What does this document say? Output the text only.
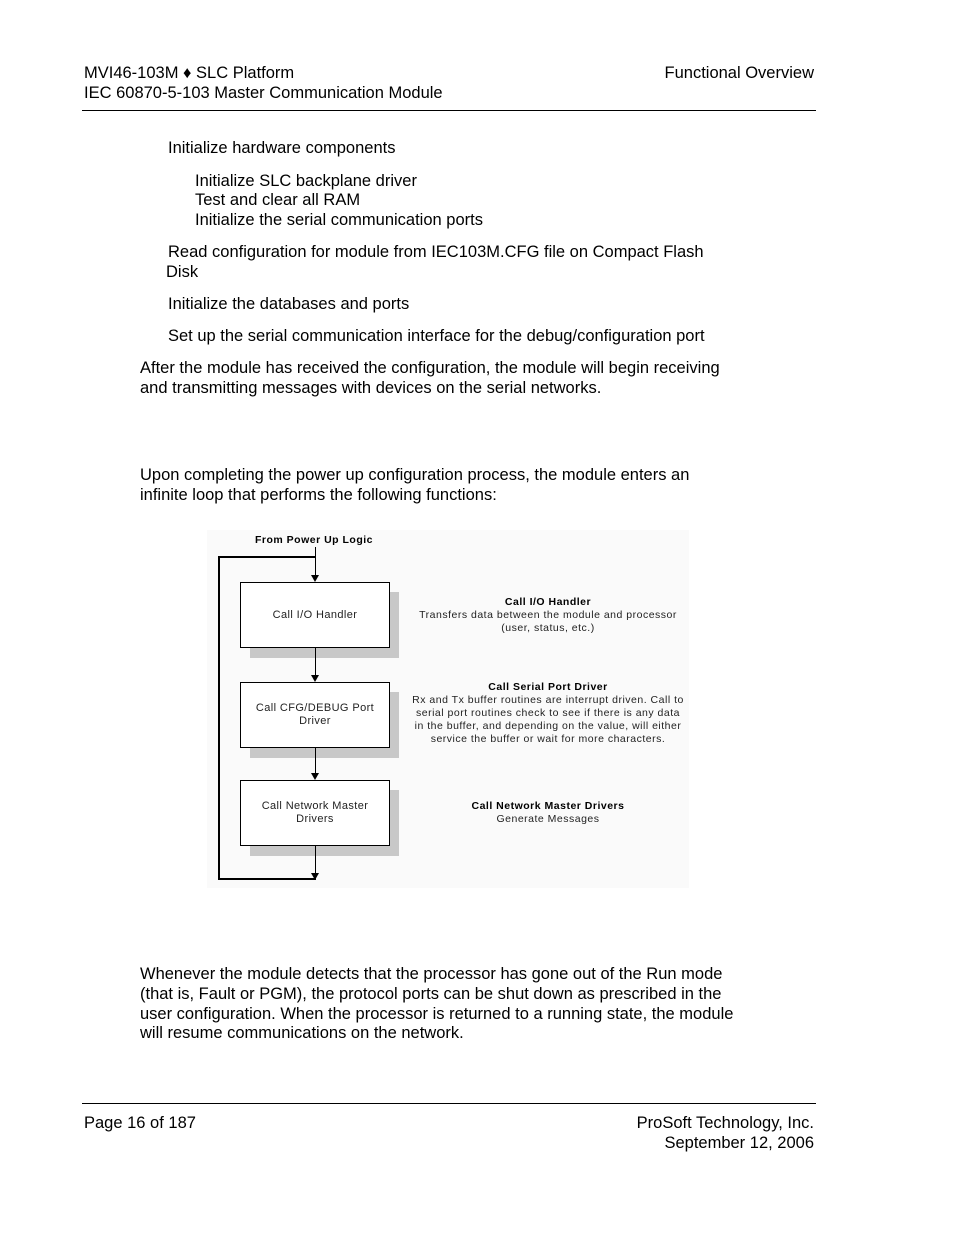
MVI46-103M ♦ SLC Platform
IEC 60870-5-103 Master Communication Module
Functional Overview
Initialize hardware components
Initialize SLC backplane driver
Test and clear all RAM
Initialize the serial communication ports
Read configuration for module from IEC103M.CFG file on Compact Flash
Disk
Initialize the databases and ports
Set up the serial communication interface for the debug/configuration port
After the module has received the configuration, the module will begin receiving
and transmitting messages with devices on the serial networks.
Upon completing the power up configuration process, the module enters an
infinite loop that performs the following functions:
From Power Up Logic
Call I/O Handler
Call CFG/DEBUG Port
Driver
Call Network Master
Drivers
Call I/O Handler
Transfers data between the module and processor
(user, status, etc.)
Call Serial Port Driver
Rx and Tx buffer routines are interrupt driven. Call to
serial port routines check to see if there is any data
in the buffer, and depending on the value, will either
service the buffer or wait for more characters.
Call Network Master Drivers
Generate Messages
Whenever the module detects that the processor has gone out of the Run mode
(that is, Fault or PGM), the protocol ports can be shut down as prescribed in the
user configuration. When the processor is returned to a running state, the module
will resume communications on the network.
Page 16 of 187	ProSoft Technology, Inc.
September 12, 2006
